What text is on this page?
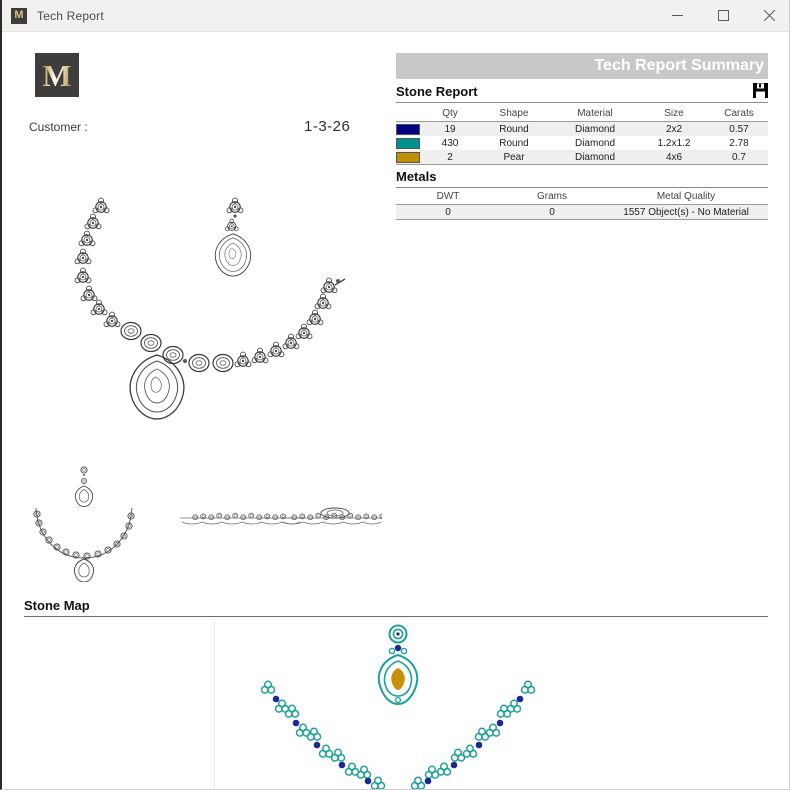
M Tech Report
M
Customer :	1-3-26
Tech Report Summary
Stone Report
	Qty	Shape	Material	Size	Carats

	19	Round	Diamond	2x2	0.57

	430	Round	Diamond	1.2x1.2	2.78

	2	Pear	Diamond	4x6	0.7
Metals
DWT	Grams	Metal Quality
0	0	1557 Object(s) - No Material
Stone Map
